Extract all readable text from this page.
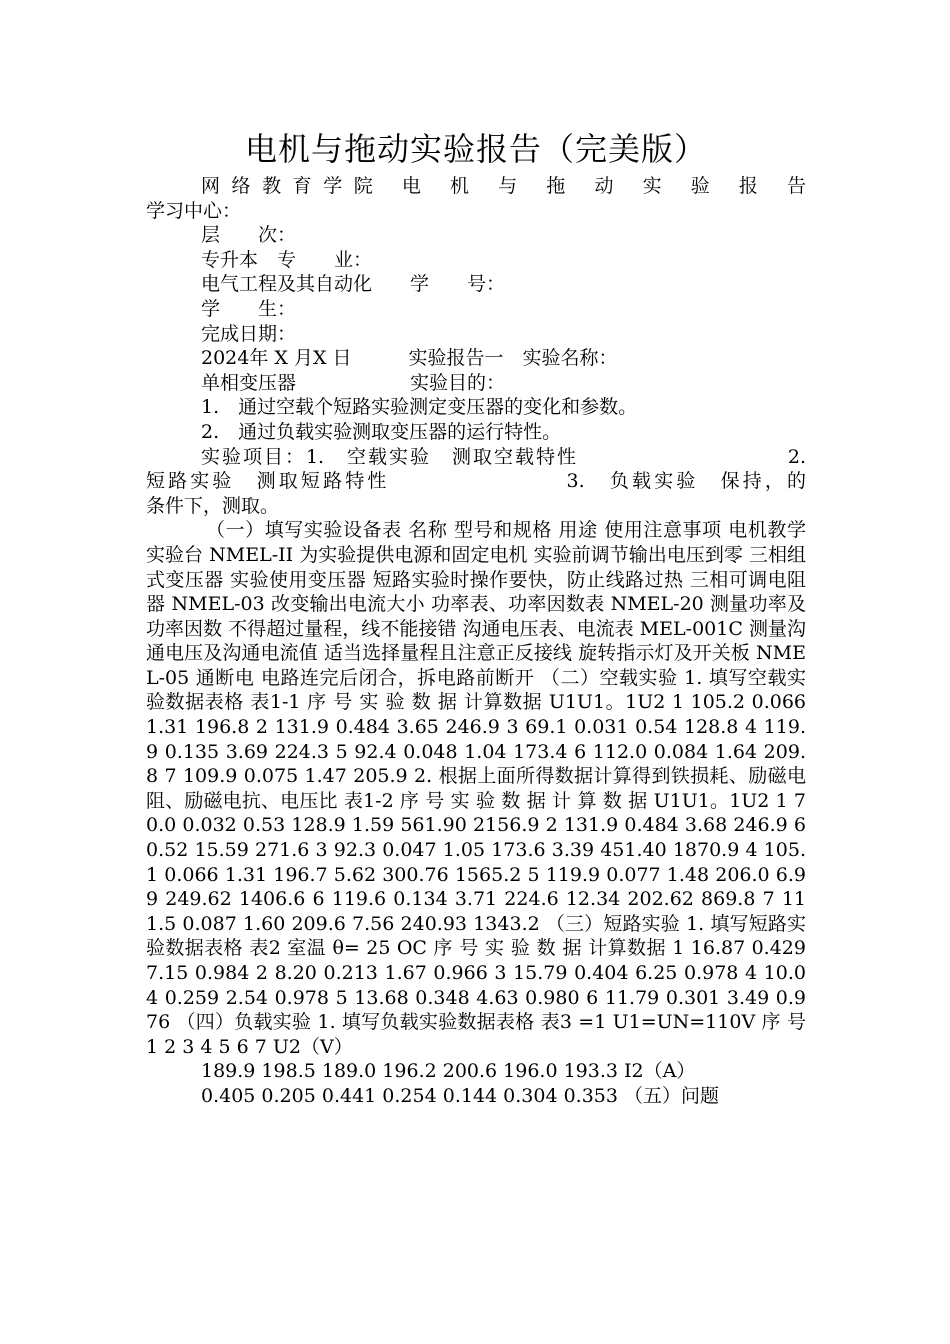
电机与拖动实验报告（完美版）
网络教育学院 电 机 与 拖 动 实 验 报 告
学习中心：
层　　次：
专升本　专　　业：
电气工程及其自动化　　学　　号：
学　　生：
完成日期：
2024年 X 月X 日　　　实验报告一　实验名称：
单相变压器　　　　　　实验目的：
1.　通过空载个短路实验测定变压器的变化和参数。
2.　通过负载实验测取变压器的运行特性。
实验项目：1.　空载实验　测取空载特性　　　　　　　　　　2.
短路实验　测取短路特性　　　　　　　　3.　负载实验　保持，的
条件下，测取。
（一）填写实验设备表 名称 型号和规格 用途 使用注意事项 电机教学实验台 NMEL-II 为实验提供电源和固定电机 实验前调节输出电压到零 三相组式变压器 实验使用变压器 短路实验时操作要快，防止线路过热 三相可调电阻器 NMEL-03 改变输出电流大小 功率表、功率因数表 NMEL-20 测量功率及功率因数 不得超过量程，线不能接错 沟通电压表、电流表 MEL-001C 测量沟通电压及沟通电流值 适当选择量程且注意正反接线 旋转指示灯及开关板 NMEL-05 通断电 电路连完后闭合，拆电路前断开 （二）空载实验 1. 填写空载实验数据表格 表1-1 序 号 实 验 数 据 计算数据 U1U1。1U2 1 105.2 0.066 1.31 196.8 2 131.9 0.484 3.65 246.9 3 69.1 0.031 0.54 128.8 4 119.9 0.135 3.69 224.3 5 92.4 0.048 1.04 173.4 6 112.0 0.084 1.64 209.8 7 109.9 0.075 1.47 205.9 2. 根据上面所得数据计算得到铁损耗、励磁电阻、励磁电抗、电压比 表1-2 序 号 实 验 数 据 计 算 数 据 U1U1。1U2 1 70.0 0.032 0.53 128.9 1.59 561.90 2156.9 2 131.9 0.484 3.68 246.9 60.52 15.59 271.6 3 92.3 0.047 1.05 173.6 3.39 451.40 1870.9 4 105.1 0.066 1.31 196.7 5.62 300.76 1565.2 5 119.9 0.077 1.48 206.0 6.99 249.62 1406.6 6 119.6 0.134 3.71 224.6 12.34 202.62 869.8 7 111.5 0.087 1.60 209.6 7.56 240.93 1343.2 （三）短路实验 1. 填写短路实验数据表格 表2 室温 θ= 25 OC 序 号 实 验 数 据 计算数据 1 16.87 0.429 7.15 0.984 2 8.20 0.213 1.67 0.966 3 15.79 0.404 6.25 0.978 4 10.04 0.259 2.54 0.978 5 13.68 0.348 4.63 0.980 6 11.79 0.301 3.49 0.976 （四）负载实验 1. 填写负载实验数据表格 表3 =1 U1=UN=110V 序 号 1 2 3 4 5 6 7 U2（V）
189.9 198.5 189.0 196.2 200.6 196.0 193.3 I2（A）
0.405 0.205 0.441 0.254 0.144 0.304 0.353 （五）问题
